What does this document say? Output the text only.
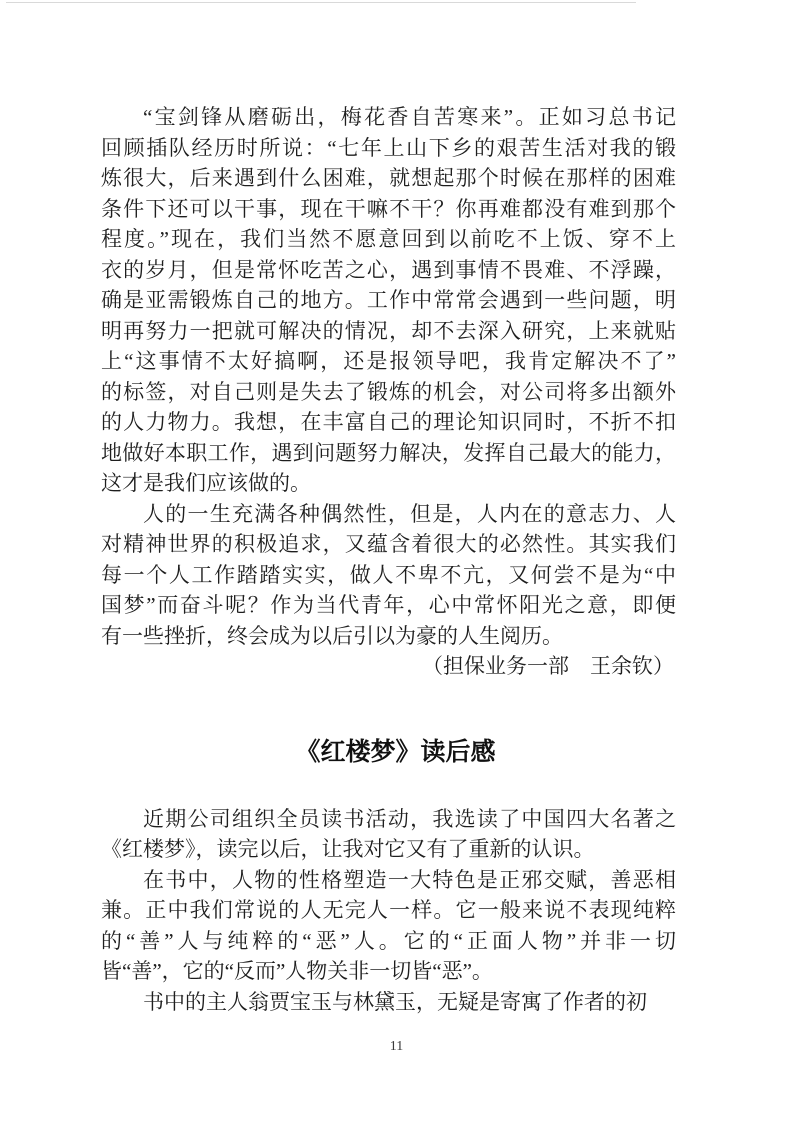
“宝剑锋从磨砺出，梅花香自苦寒来”。正如习总书记
回顾插队经历时所说：“七年上山下乡的艰苦生活对我的锻
炼很大，后来遇到什么困难，就想起那个时候在那样的困难
条件下还可以干事，现在干嘛不干？你再难都没有难到那个
程度。”现在，我们当然不愿意回到以前吃不上饭、穿不上
衣的岁月，但是常怀吃苦之心，遇到事情不畏难、不浮躁，
确是亚需锻炼自己的地方。工作中常常会遇到一些问题，明
明再努力一把就可解决的情况，却不去深入研究，上来就贴
上“这事情不太好搞啊，还是报领导吧，我肯定解决不了”
的标签，对自己则是失去了锻炼的机会，对公司将多出额外
的人力物力。我想，在丰富自己的理论知识同时，不折不扣
地做好本职工作，遇到问题努力解决，发挥自己最大的能力，
这才是我们应该做的。
人的一生充满各种偶然性，但是，人内在的意志力、人
对精神世界的积极追求，又蕴含着很大的必然性。其实我们
每一个人工作踏踏实实，做人不卑不亢，又何尝不是为“中
国梦”而奋斗呢？作为当代青年，心中常怀阳光之意，即便
有一些挫折，终会成为以后引以为豪的人生阅历。
（担保业务一部　王余钦）
《红楼梦》读后感
近期公司组织全员读书活动，我选读了中国四大名著之
《红楼梦》，读完以后，让我对它又有了重新的认识。
在书中，人物的性格塑造一大特色是正邪交赋，善恶相
兼。正中我们常说的人无完人一样。它一般来说不表现纯粹
的“善”人与纯粹的“恶”人。它的“正面人物”并非一切
皆“善”，它的“反而”人物关非一切皆“恶”。
书中的主人翁贾宝玉与林黛玉，无疑是寄寓了作者的初
11
